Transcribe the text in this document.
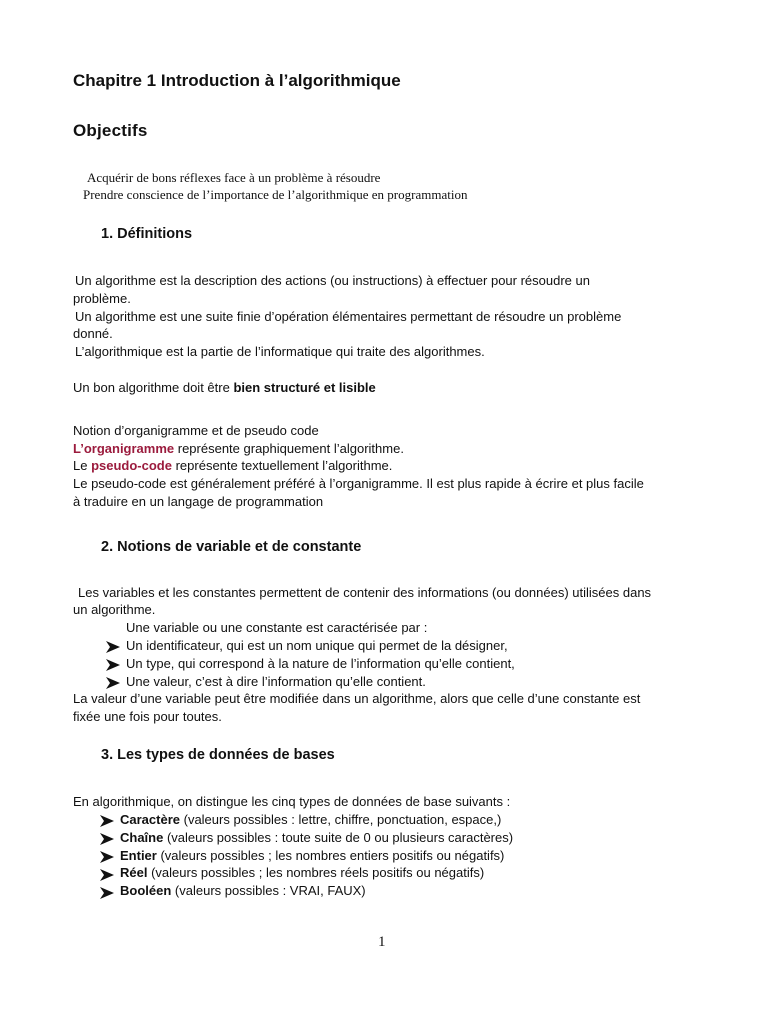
Chapitre 1 Introduction à l’algorithmique
Objectifs
Acquérir de bons réflexes face à un problème à résoudre
Prendre conscience de l’importance de l’algorithmique en programmation
1. Définitions
Un algorithme est la description des actions (ou instructions) à effectuer pour résoudre un
problème.
Un algorithme est une suite finie d’opération élémentaires permettant de résoudre un problème
donné.
L’algorithmique est la partie de l’informatique qui traite des algorithmes.
Un bon algorithme doit être bien structuré et lisible
Notion d’organigramme et de pseudo code
L’organigramme représente graphiquement l’algorithme.
Le pseudo-code représente textuellement l’algorithme.
Le pseudo-code est généralement préféré à l’organigramme. Il est plus rapide à écrire et plus facile
à traduire en un langage de programmation
2. Notions de variable et de constante
Les variables et les constantes permettent de contenir des informations (ou données) utilisées dans
un algorithme.
Une variable ou une constante est caractérisée par :
Un identificateur, qui est un nom unique qui permet de la désigner,
Un type, qui correspond à la nature de l’information qu’elle contient,
Une valeur, c’est à dire l’information qu’elle contient.
La valeur d’une variable peut être modifiée dans un algorithme, alors que celle d’une constante est
fixée une fois pour toutes.
3. Les types de données de bases
En algorithmique, on distingue les cinq types de données de base suivants :
Caractère (valeurs possibles : lettre, chiffre, ponctuation, espace,)
Chaîne (valeurs possibles : toute suite de 0 ou plusieurs caractères)
Entier (valeurs possibles ; les nombres entiers positifs ou négatifs)
Réel (valeurs possibles ; les nombres réels positifs ou négatifs)
Booléen (valeurs possibles : VRAI, FAUX)
1
